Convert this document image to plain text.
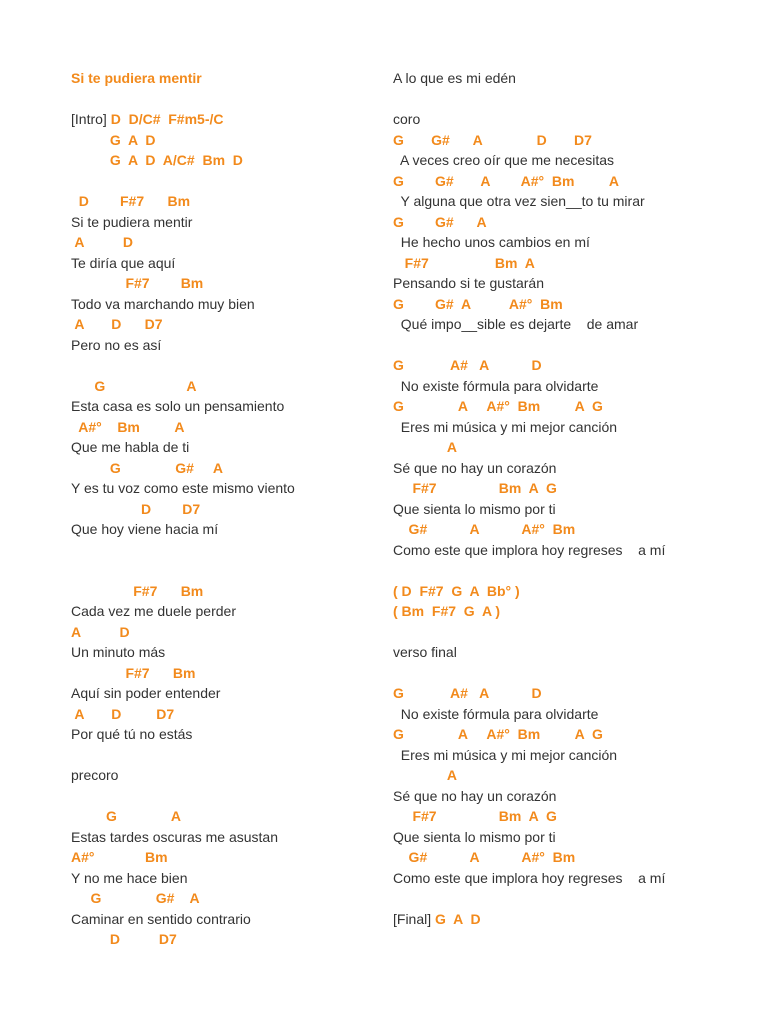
Si te pudiera mentir
[Intro] D  D/C#  F#m5-/C
G  A  D
G  A  D  A/C#  Bm  D
D        F#7      Bm
Si te pudiera mentir
A          D
Te diría que aquí
F#7        Bm
Todo va marchando muy bien
A       D      D7
Pero no es así
G                     A
Esta casa es solo un pensamiento
A#°    Bm         A
Que me habla de ti
G              G#     A
Y es tu voz como este mismo viento
D        D7
Que hoy viene hacia mí
F#7      Bm
Cada vez me duele perder
A          D
Un minuto más
F#7      Bm
Aquí sin poder entender
A       D         D7
Por qué tú no estás
precoro
G              A
Estas tardes oscuras me asustan
A#°             Bm
Y no me hace bien
G              G#    A
Caminar en sentido contrario
D          D7
A lo que es mi edén
coro
G       G#      A              D       D7
A veces creo oír que me necesitas
G        G#       A        A#°  Bm         A
Y alguna que otra vez sien__to tu mirar
G        G#      A
He hecho unos cambios en mí
F#7                 Bm  A
Pensando si te gustarán
G        G#  A          A#°  Bm
Qué impo__sible es dejarte    de amar
G            A#   A           D
No existe fórmula para olvidarte
G              A     A#°  Bm         A  G
Eres mi música y mi mejor canción
A
Sé que no hay un corazón
F#7                Bm  A  G
Que sienta lo mismo por ti
G#           A           A#°  Bm
Como este que implora hoy regreses    a mí
( D  F#7  G  A  Bb° )
( Bm  F#7  G  A )
verso final
G            A#   A           D
No existe fórmula para olvidarte
G              A     A#°  Bm         A  G
Eres mi música y mi mejor canción
A
Sé que no hay un corazón
F#7                Bm  A  G
Que sienta lo mismo por ti
G#           A           A#°  Bm
Como este que implora hoy regreses    a mí
[Final] G  A  D
